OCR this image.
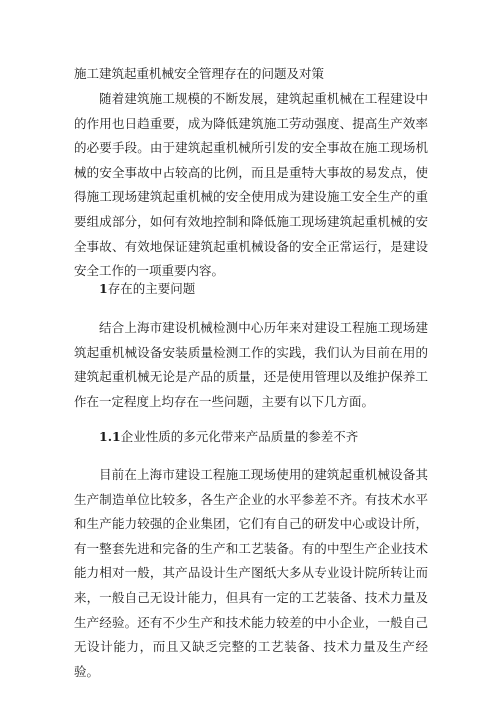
施工建筑起重机械安全管理存在的问题及对策

随着建筑施工规模的不断发展，建筑起重机械在工程建设中的作用也日趋重要，成为降低建筑施工劳动强度、提高生产效率的必要手段。由于建筑起重机械所引发的安全事故在施工现场机械的安全事故中占较高的比例，而且是重特大事故的易发点，使得施工现场建筑起重机械的安全使用成为建设施工安全生产的重要组成部分，如何有效地控制和降低施工现场建筑起重机械的安全事故、有效地保证建筑起重机械设备的安全正常运行，是建设安全工作的一项重要内容。

1存在的主要问题

结合上海市建设机械检测中心历年来对建设工程施工现场建筑起重机械设备安装质量检测工作的实践，我们认为目前在用的建筑起重机械无论是产品的质量，还是使用管理以及维护保养工作在一定程度上均存在一些问题，主要有以下几方面。

1.1企业性质的多元化带来产品质量的参差不齐

目前在上海市建设工程施工现场使用的建筑起重机械设备其生产制造单位比较多，各生产企业的水平参差不齐。有技术水平和生产能力较强的企业集团，它们有自己的研发中心或设计所，有一整套先进和完备的生产和工艺装备。有的中型生产企业技术能力相对一般，其产品设计生产图纸大多从专业设计院所转让而来，一般自己无设计能力，但具有一定的工艺装备、技术力量及生产经验。还有不少生产和技术能力较差的中小企业，一般自己无设计能力，而且又缺乏完整的工艺装备、技术力量及生产经验。
